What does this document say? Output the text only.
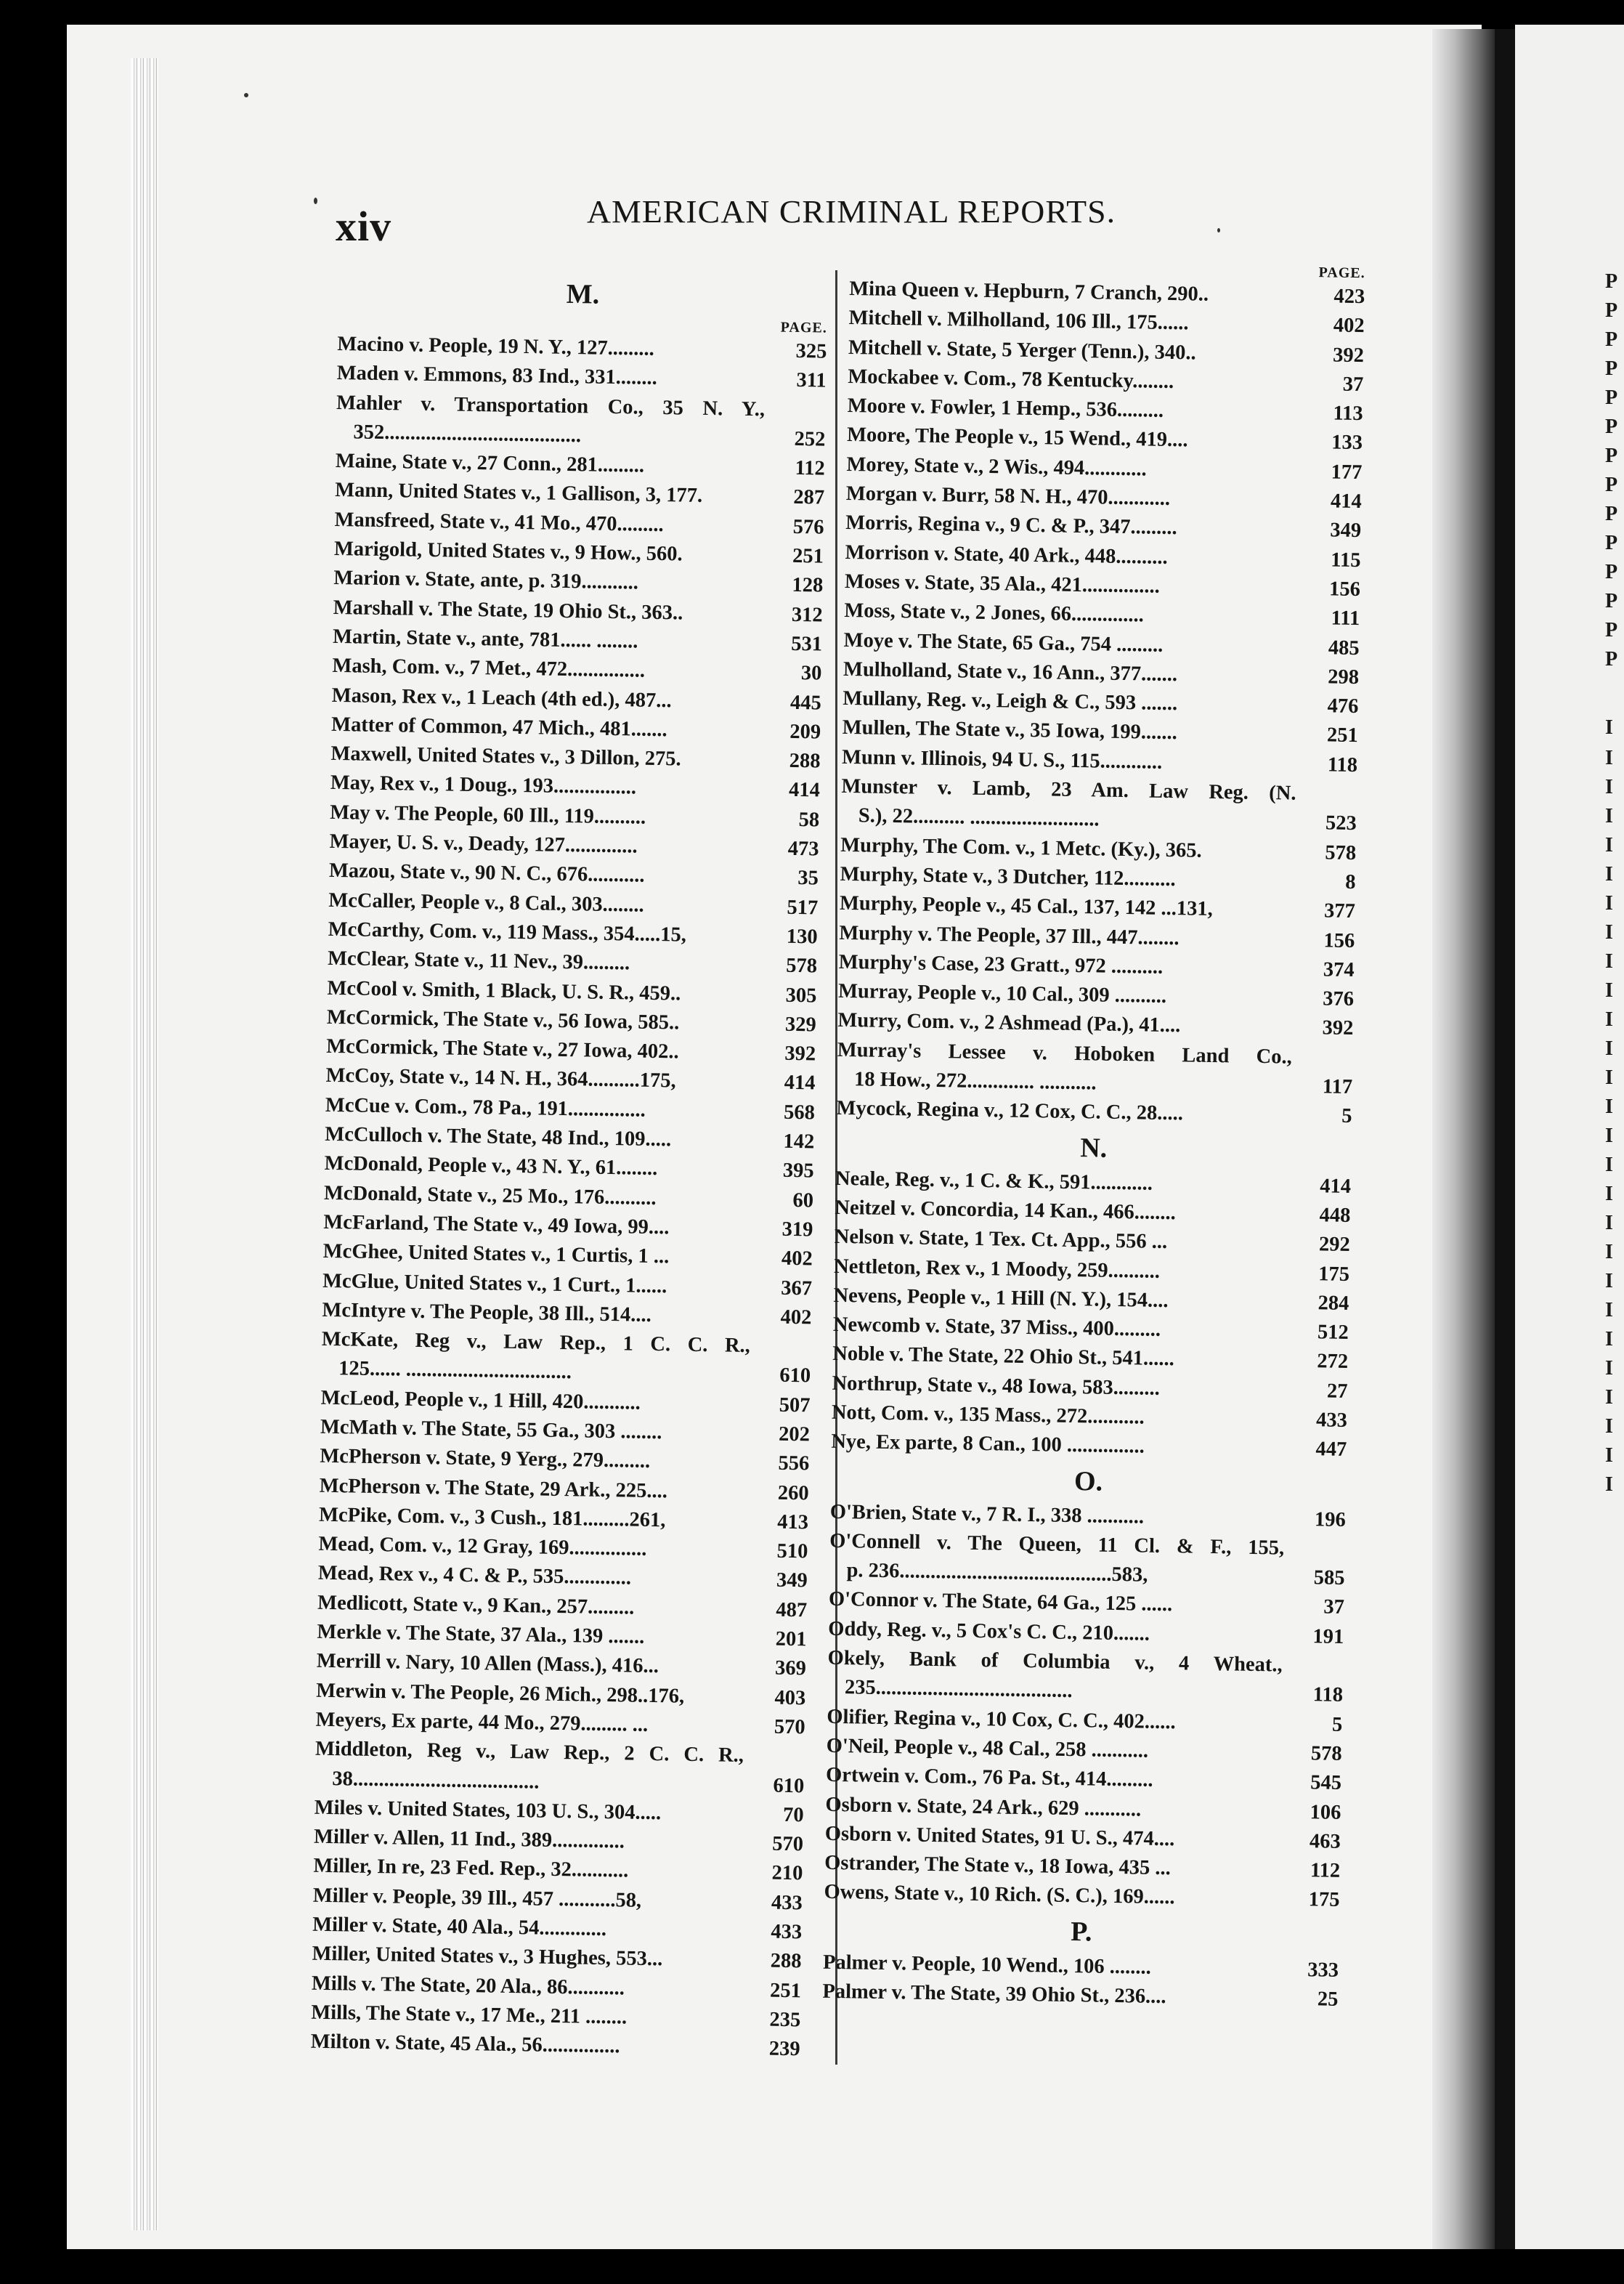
P
P
P
P
P
P
P
P
P
P
P
P
P
P
I
I
I
I
I
I
I
I
I
I
I
I
I
I
I
I
I
I
I
I
I
I
I
I
I
I
I
xiv	AMERICAN CRIMINAL REPORTS.
M.
PAGE.
Macino v. People, 19 N. Y., 127.........	325
Maden v. Emmons, 83 Ind., 331........	311
Mahler v. Transportation Co., 35 N. Y.,
352......................................	252
Maine, State v., 27 Conn., 281.........	112
Mann, United States v., 1 Gallison, 3, 177.	287
Mansfreed, State v., 41 Mo., 470.........	576
Marigold, United States v., 9 How., 560.	251
Marion v. State, ante, p. 319...........	128
Marshall v. The State, 19 Ohio St., 363..	312
Martin, State v., ante, 781...... ........	531
Mash, Com. v., 7 Met., 472...............	30
Mason, Rex v., 1 Leach (4th ed.), 487...	445
Matter of Common, 47 Mich., 481.......	209
Maxwell, United States v., 3 Dillon, 275.	288
May, Rex v., 1 Doug., 193................	414
May v. The People, 60 Ill., 119..........	58
Mayer, U. S. v., Deady, 127..............	473
Mazou, State v., 90 N. C., 676...........	35
McCaller, People v., 8 Cal., 303........	517
McCarthy, Com. v., 119 Mass., 354.....15,	130
McClear, State v., 11 Nev., 39.........	578
McCool v. Smith, 1 Black, U. S. R., 459..	305
McCormick, The State v., 56 Iowa, 585..	329
McCormick, The State v., 27 Iowa, 402..	392
McCoy, State v., 14 N. H., 364..........175,	414
McCue v. Com., 78 Pa., 191...............	568
McCulloch v. The State, 48 Ind., 109.....	142
McDonald, People v., 43 N. Y., 61........	395
McDonald, State v., 25 Mo., 176..........	60
McFarland, The State v., 49 Iowa, 99....	319
McGhee, United States v., 1 Curtis, 1 ...	402
McGlue, United States v., 1 Curt., 1......	367
McIntyre v. The People, 38 Ill., 514....	402
McKate, Reg v., Law Rep., 1 C. C. R.,
125...... ................................	610
McLeod, People v., 1 Hill, 420...........	507
McMath v. The State, 55 Ga., 303 ........	202
McPherson v. State, 9 Yerg., 279.........	556
McPherson v. The State, 29 Ark., 225....	260
McPike, Com. v., 3 Cush., 181.........261,	413
Mead, Com. v., 12 Gray, 169...............	510
Mead, Rex v., 4 C. & P., 535.............	349
Medlicott, State v., 9 Kan., 257.........	487
Merkle v. The State, 37 Ala., 139 .......	201
Merrill v. Nary, 10 Allen (Mass.), 416...	369
Merwin v. The People, 26 Mich., 298..176,	403
Meyers, Ex parte, 44 Mo., 279......... ...	570
Middleton, Reg v., Law Rep., 2 C. C. R.,
38....................................	610
Miles v. United States, 103 U. S., 304.....	70
Miller v. Allen, 11 Ind., 389..............	570
Miller, In re, 23 Fed. Rep., 32...........	210
Miller v. People, 39 Ill., 457 ...........58,	433
Miller v. State, 40 Ala., 54.............	433
Miller, United States v., 3 Hughes, 553...	288
Mills v. The State, 20 Ala., 86...........	251
Mills, The State v., 17 Me., 211 ........	235
Milton v. State, 45 Ala., 56...............	239
PAGE.
Mina Queen v. Hepburn, 7 Cranch, 290..	423
Mitchell v. Milholland, 106 Ill., 175......	402
Mitchell v. State, 5 Yerger (Tenn.), 340..	392
Mockabee v. Com., 78 Kentucky........	37
Moore v. Fowler, 1 Hemp., 536.........	113
Moore, The People v., 15 Wend., 419....	133
Morey, State v., 2 Wis., 494............	177
Morgan v. Burr, 58 N. H., 470............	414
Morris, Regina v., 9 C. & P., 347.........	349
Morrison v. State, 40 Ark., 448..........	115
Moses v. State, 35 Ala., 421...............	156
Moss, State v., 2 Jones, 66..............	111
Moye v. The State, 65 Ga., 754 .........	485
Mulholland, State v., 16 Ann., 377.......	298
Mullany, Reg. v., Leigh & C., 593 .......	476
Mullen, The State v., 35 Iowa, 199.......	251
Munn v. Illinois, 94 U. S., 115............	118
Munster v. Lamb, 23 Am. Law Reg. (N.
S.), 22.......... .........................	523
Murphy, The Com. v., 1 Metc. (Ky.), 365.	578
Murphy, State v., 3 Dutcher, 112..........	8
Murphy, People v., 45 Cal., 137, 142 ...131,	377
Murphy v. The People, 37 Ill., 447........	156
Murphy's Case, 23 Gratt., 972 ..........	374
Murray, People v., 10 Cal., 309 ..........	376
Murry, Com. v., 2 Ashmead (Pa.), 41....	392
Murray's Lessee v. Hoboken Land Co.,
18 How., 272............. ...........	117
Mycock, Regina v., 12 Cox, C. C., 28.....	5
N.
Neale, Reg. v., 1 C. & K., 591............	414
Neitzel v. Concordia, 14 Kan., 466........	448
Nelson v. State, 1 Tex. Ct. App., 556 ...	292
Nettleton, Rex v., 1 Moody, 259..........	175
Nevens, People v., 1 Hill (N. Y.), 154....	284
Newcomb v. State, 37 Miss., 400.........	512
Noble v. The State, 22 Ohio St., 541......	272
Northrup, State v., 48 Iowa, 583.........	27
Nott, Com. v., 135 Mass., 272...........	433
Nye, Ex parte, 8 Can., 100 ...............	447
O.
O'Brien, State v., 7 R. I., 338 ...........	196
O'Connell v. The Queen, 11 Cl. & F., 155,
p. 236.........................................583,	585
O'Connor v. The State, 64 Ga., 125 ......	37
Oddy, Reg. v., 5 Cox's C. C., 210.......	191
Okely, Bank of Columbia v., 4 Wheat.,
235......................................	118
Olifier, Regina v., 10 Cox, C. C., 402......	5
O'Neil, People v., 48 Cal., 258 ...........	578
Ortwein v. Com., 76 Pa. St., 414.........	545
Osborn v. State, 24 Ark., 629 ...........	106
Osborn v. United States, 91 U. S., 474....	463
Ostrander, The State v., 18 Iowa, 435 ...	112
Owens, State v., 10 Rich. (S. C.), 169......	175
P.
Palmer v. People, 10 Wend., 106 ........	333
Palmer v. The State, 39 Ohio St., 236....	25
